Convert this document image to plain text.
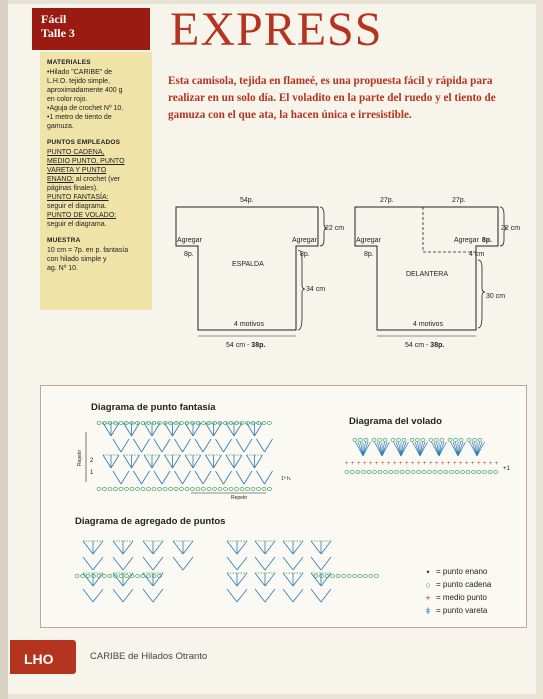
Fácil
Talle 3
MATERIALES

•Hilado "CARIBE" de
L.H.O. tejido simple,
aproximadamente 400 g
en color rojo.
•Aguja de crochet Nº 10.
•1 metro de tiento de
gamuza.

PUNTOS EMPLEADOS

PUNTO CADENA,
MEDIO PUNTO, PUNTO
VARETA Y PUNTO
ENANO: al crochet (ver
páginas finales).
PUNTO FANTASÍA:
seguir el diagrama.
PUNTO DE VOLADO:
seguir el diagrama.

MUESTRA

10 cm = 7p. en p. fantasía
con hilado simple y
ag. Nº 10.

EXPRESS
Esta camisola, tejida en flameé, es una propuesta fácil y rápida para realizar en un solo día. El voladito en la parte del ruedo y el tiento de gamuza con el que ata, la hacen única e irresistible.
54p.
Agregar	Agregar
8p.	8p.
22 cm
34 cm
ESPALDA
4 motivos
54 cm - 38p.
27p.	27p.
Agregar	Agregar 8p.
8p.
22 cm
4 cm
30 cm
DELANTERA
4 motivos
54 cm - 38p.
Diagrama de punto fantasía
Diagrama del volado
Diagrama de agregado de puntos
+ + + + + + + + + + + + + + + + + + + + + + + + + +
Repetir
Repetir
1ª h.
2
1
+1
• = punto enano
○ = punto cadena
+ = medio punto
ǂ = punto vareta
LHO	CARIBE de Hilados Otranto
